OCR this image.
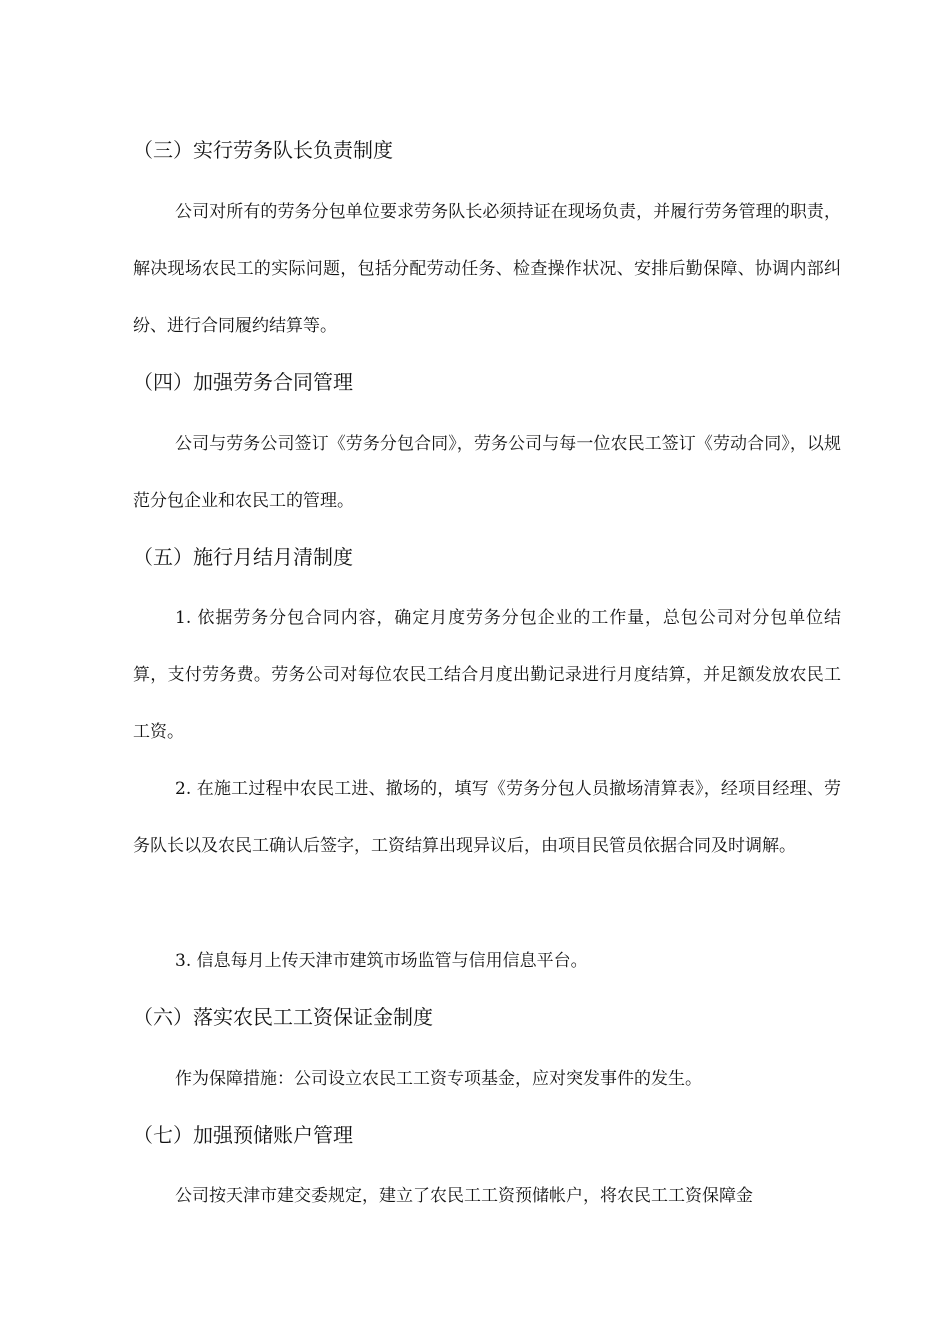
（三）实行劳务队长负责制度
公司对所有的劳务分包单位要求劳务队长必须持证在现场负责，并履行劳务管理的职责，解决现场农民工的实际问题，包括分配劳动任务、检查操作状况、安排后勤保障、协调内部纠纷、进行合同履约结算等。
（四）加强劳务合同管理
公司与劳务公司签订《劳务分包合同》，劳务公司与每一位农民工签订《劳动合同》，以规范分包企业和农民工的管理。
（五）施行月结月清制度
1. 依据劳务分包合同内容，确定月度劳务分包企业的工作量，总包公司对分包单位结算，支付劳务费。劳务公司对每位农民工结合月度出勤记录进行月度结算，并足额发放农民工工资。
2. 在施工过程中农民工进、撤场的，填写《劳务分包人员撤场清算表》，经项目经理、劳务队长以及农民工确认后签字，工资结算出现异议后，由项目民管员依据合同及时调解。
3. 信息每月上传天津市建筑市场监管与信用信息平台。
（六）落实农民工工资保证金制度
作为保障措施：公司设立农民工工资专项基金，应对突发事件的发生。
（七）加强预储账户管理
公司按天津市建交委规定，建立了农民工工资预储帐户，将农民工工资保障金
